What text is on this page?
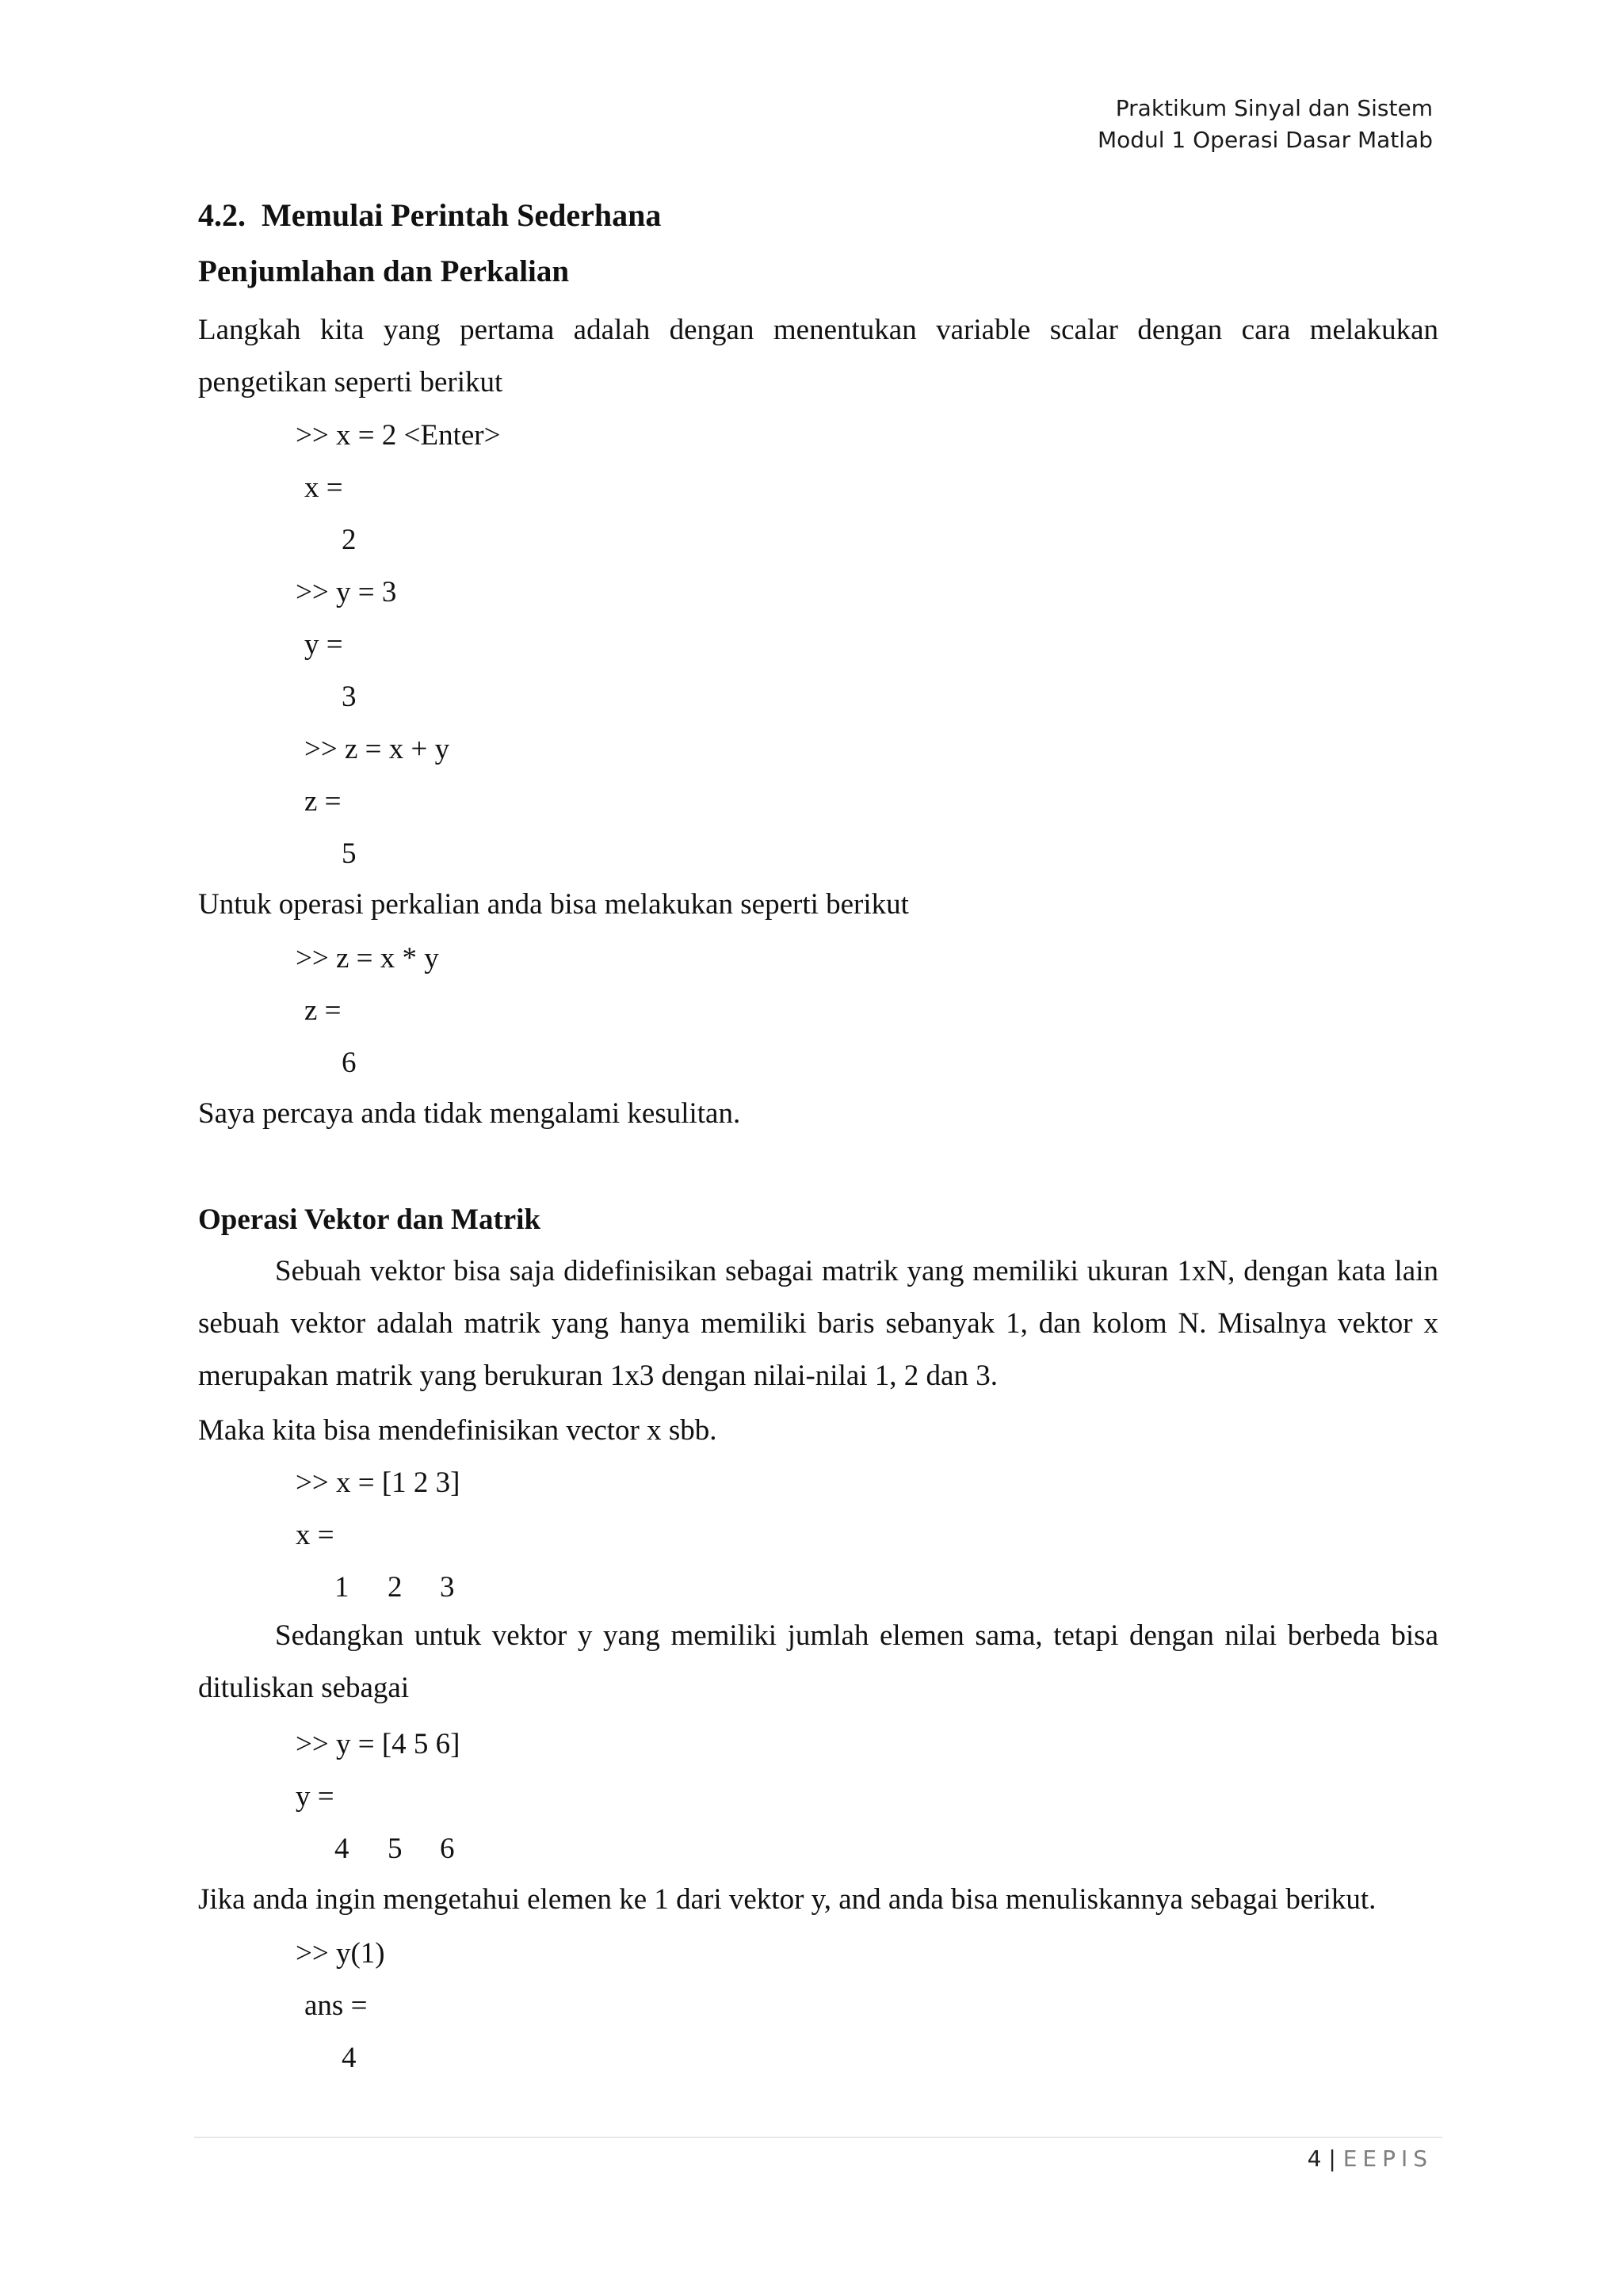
Praktikum Sinyal dan Sistem
Modul 1 Operasi Dasar Matlab
4.2.  Memulai Perintah Sederhana
Penjumlahan dan Perkalian
Langkah kita yang pertama adalah dengan menentukan variable scalar dengan cara melakukan pengetikan seperti berikut
>> x = 2 <Enter>
x =
2
>> y = 3
y =
3
>> z = x + y
z =
5
Untuk operasi perkalian anda bisa melakukan seperti berikut
>> z = x * y
z =
6
Saya percaya anda tidak mengalami kesulitan.
Operasi Vektor dan Matrik
Sebuah vektor bisa saja didefinisikan sebagai matrik yang memiliki ukuran 1xN, dengan kata lain sebuah vektor adalah matrik yang hanya memiliki baris sebanyak 1, dan kolom N. Misalnya vektor x merupakan matrik yang berukuran 1x3 dengan nilai-nilai 1, 2 dan 3.
Maka kita bisa mendefinisikan vector x sbb.
>> x = [1 2 3]
x =
1 2 3
Sedangkan untuk vektor y yang memiliki jumlah elemen sama, tetapi dengan nilai berbeda bisa dituliskan sebagai
>> y = [4 5 6]
y =
4 5 6
Jika anda ingin mengetahui elemen ke 1 dari vektor y, and anda bisa menuliskannya sebagai berikut.
>> y(1)
ans =
4
4 | EEPIS
